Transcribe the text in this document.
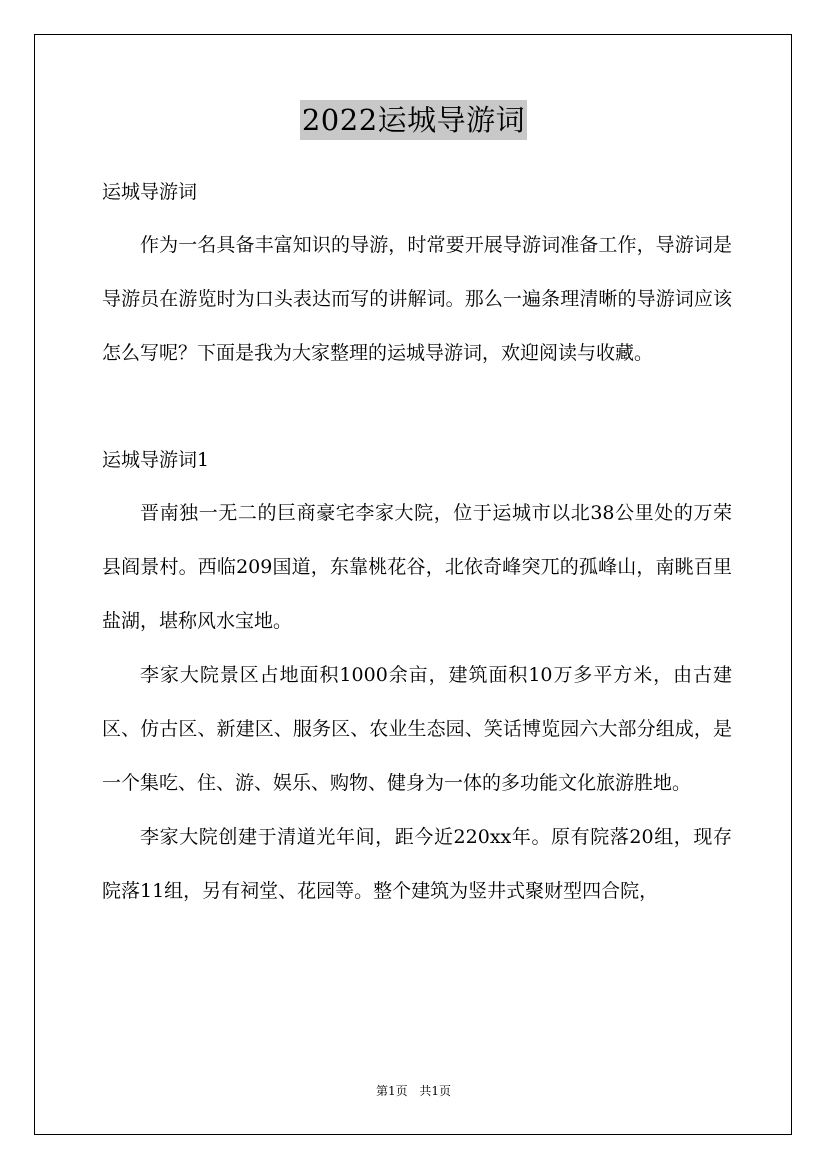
2022运城导游词

运城导游词

作为一名具备丰富知识的导游，时常要开展导游词准备工作，导游词是导游员在游览时为口头表达而写的讲解词。那么一遍条理清晰的导游词应该怎么写呢？下面是我为大家整理的运城导游词，欢迎阅读与收藏。

运城导游词1

晋南独一无二的巨商豪宅李家大院，位于运城市以北38公里处的万荣县阎景村。西临209国道，东靠桃花谷，北依奇峰突兀的孤峰山，南眺百里盐湖，堪称风水宝地。

李家大院景区占地面积1000余亩，建筑面积10万多平方米，由古建区、仿古区、新建区、服务区、农业生态园、笑话博览园六大部分组成，是一个集吃、住、游、娱乐、购物、健身为一体的多功能文化旅游胜地。

李家大院创建于清道光年间，距今近220xx年。原有院落20组，现存院落11组，另有祠堂、花园等。整个建筑为竖井式聚财型四合院，

第1页 共1页
